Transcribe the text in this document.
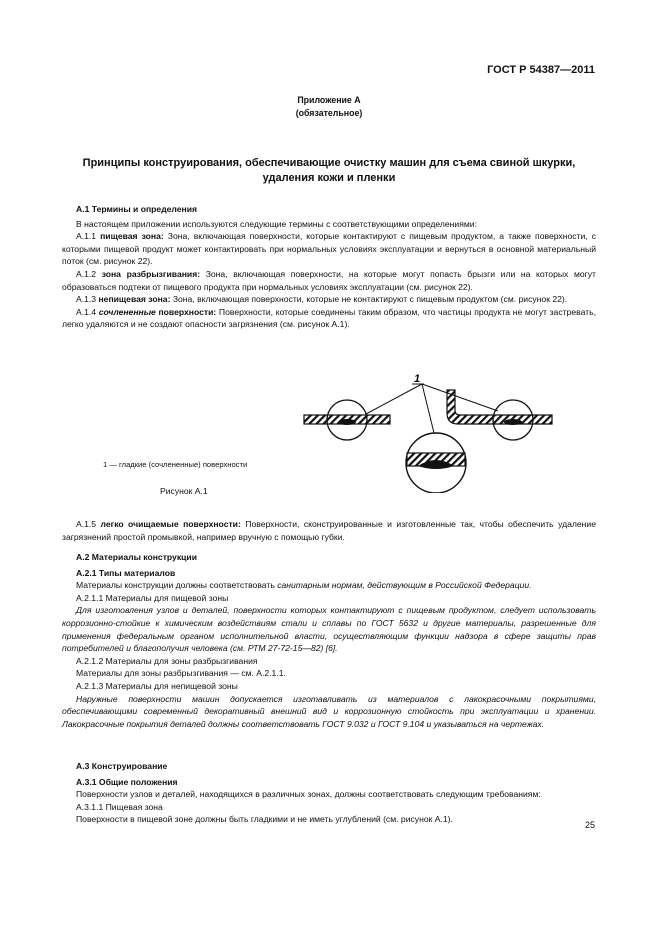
ГОСТ Р 54387—2011

Приложение А

(обязательное)

Принципы конструирования, обеспечивающие очистку машин для съема свиной шкурки,

удаления кожи и пленки

А.1 Термины и определения

В настоящем приложении используются следующие термины с соответствующими определениями:

А.1.1 пищевая зона: Зона, включающая поверхности, которые контактируют с пищевым продуктом, а также поверхности, с которыми пищевой продукт может контактировать при нормальных условиях эксплуатации и вернуться в основной материальный поток (см. рисунок 22).

А.1.2 зона разбрызгивания: Зона, включающая поверхности, на которые могут попасть брызги или на которых могут образоваться подтеки от пищевого продукта при нормальных условиях эксплуатации (см. рисунок 22).

А.1.3 непищевая зона: Зона, включающая поверхности, которые не контактируют с пищевым продуктом (см. рисунок 22).

А.1.4 сочлененные поверхности: Поверхности, которые соединены таким образом, что частицы продукта не могут застревать, легко удаляются и не создают опасности загрязнения (см. рисунок А.1).

1
1 — гладкие (сочлененные) поверхности
Рисунок А.1

А.1.5 легко очищаемые поверхности: Поверхности, сконструированные и изготовленные так, чтобы обеспечить удаление загрязнений простой промывкой, например вручную с помощью губки.

А.2 Материалы конструкции

А.2.1 Типы материалов

Материалы конструкции должны соответствовать санитарным нормам, действующим в Российской Федерации.

А.2.1.1 Материалы для пищевой зоны

Для изготовления узлов и деталей, поверхности которых контактируют с пищевым продуктом, следует использовать коррозионно-стойкие к химическим воздействиям стали и сплавы по ГОСТ 5632 и другие материалы, разрешенные для применения федеральным органом исполнительной власти, осуществляющим функции надзора в сфере защиты прав потребителей и благополучия человека (см. РТМ 27-72-15—82) [6].

А.2.1.2 Материалы для зоны разбрызгивания

Материалы для зоны разбрызгивания — см. А.2.1.1.

А.2.1.3 Материалы для непищевой зоны

Наружные поверхности машин допускается изготавливать из материалов с лакокрасочными покрытиями, обеспечивающими современный декоративный внешний вид и коррозионную стойкость при эксплуатации и хранении. Лакокрасочные покрытия деталей должны соответствовать ГОСТ 9.032 и ГОСТ 9.104 и указываться на чертежах.

А.3 Конструирование

А.3.1 Общие положения

Поверхности узлов и деталей, находящихся в различных зонах, должны соответствовать следующим требованиям:

А.3.1.1 Пищевая зона

Поверхности в пищевой зоне должны быть гладкими и не иметь углублений (см. рисунок А.1).

25
